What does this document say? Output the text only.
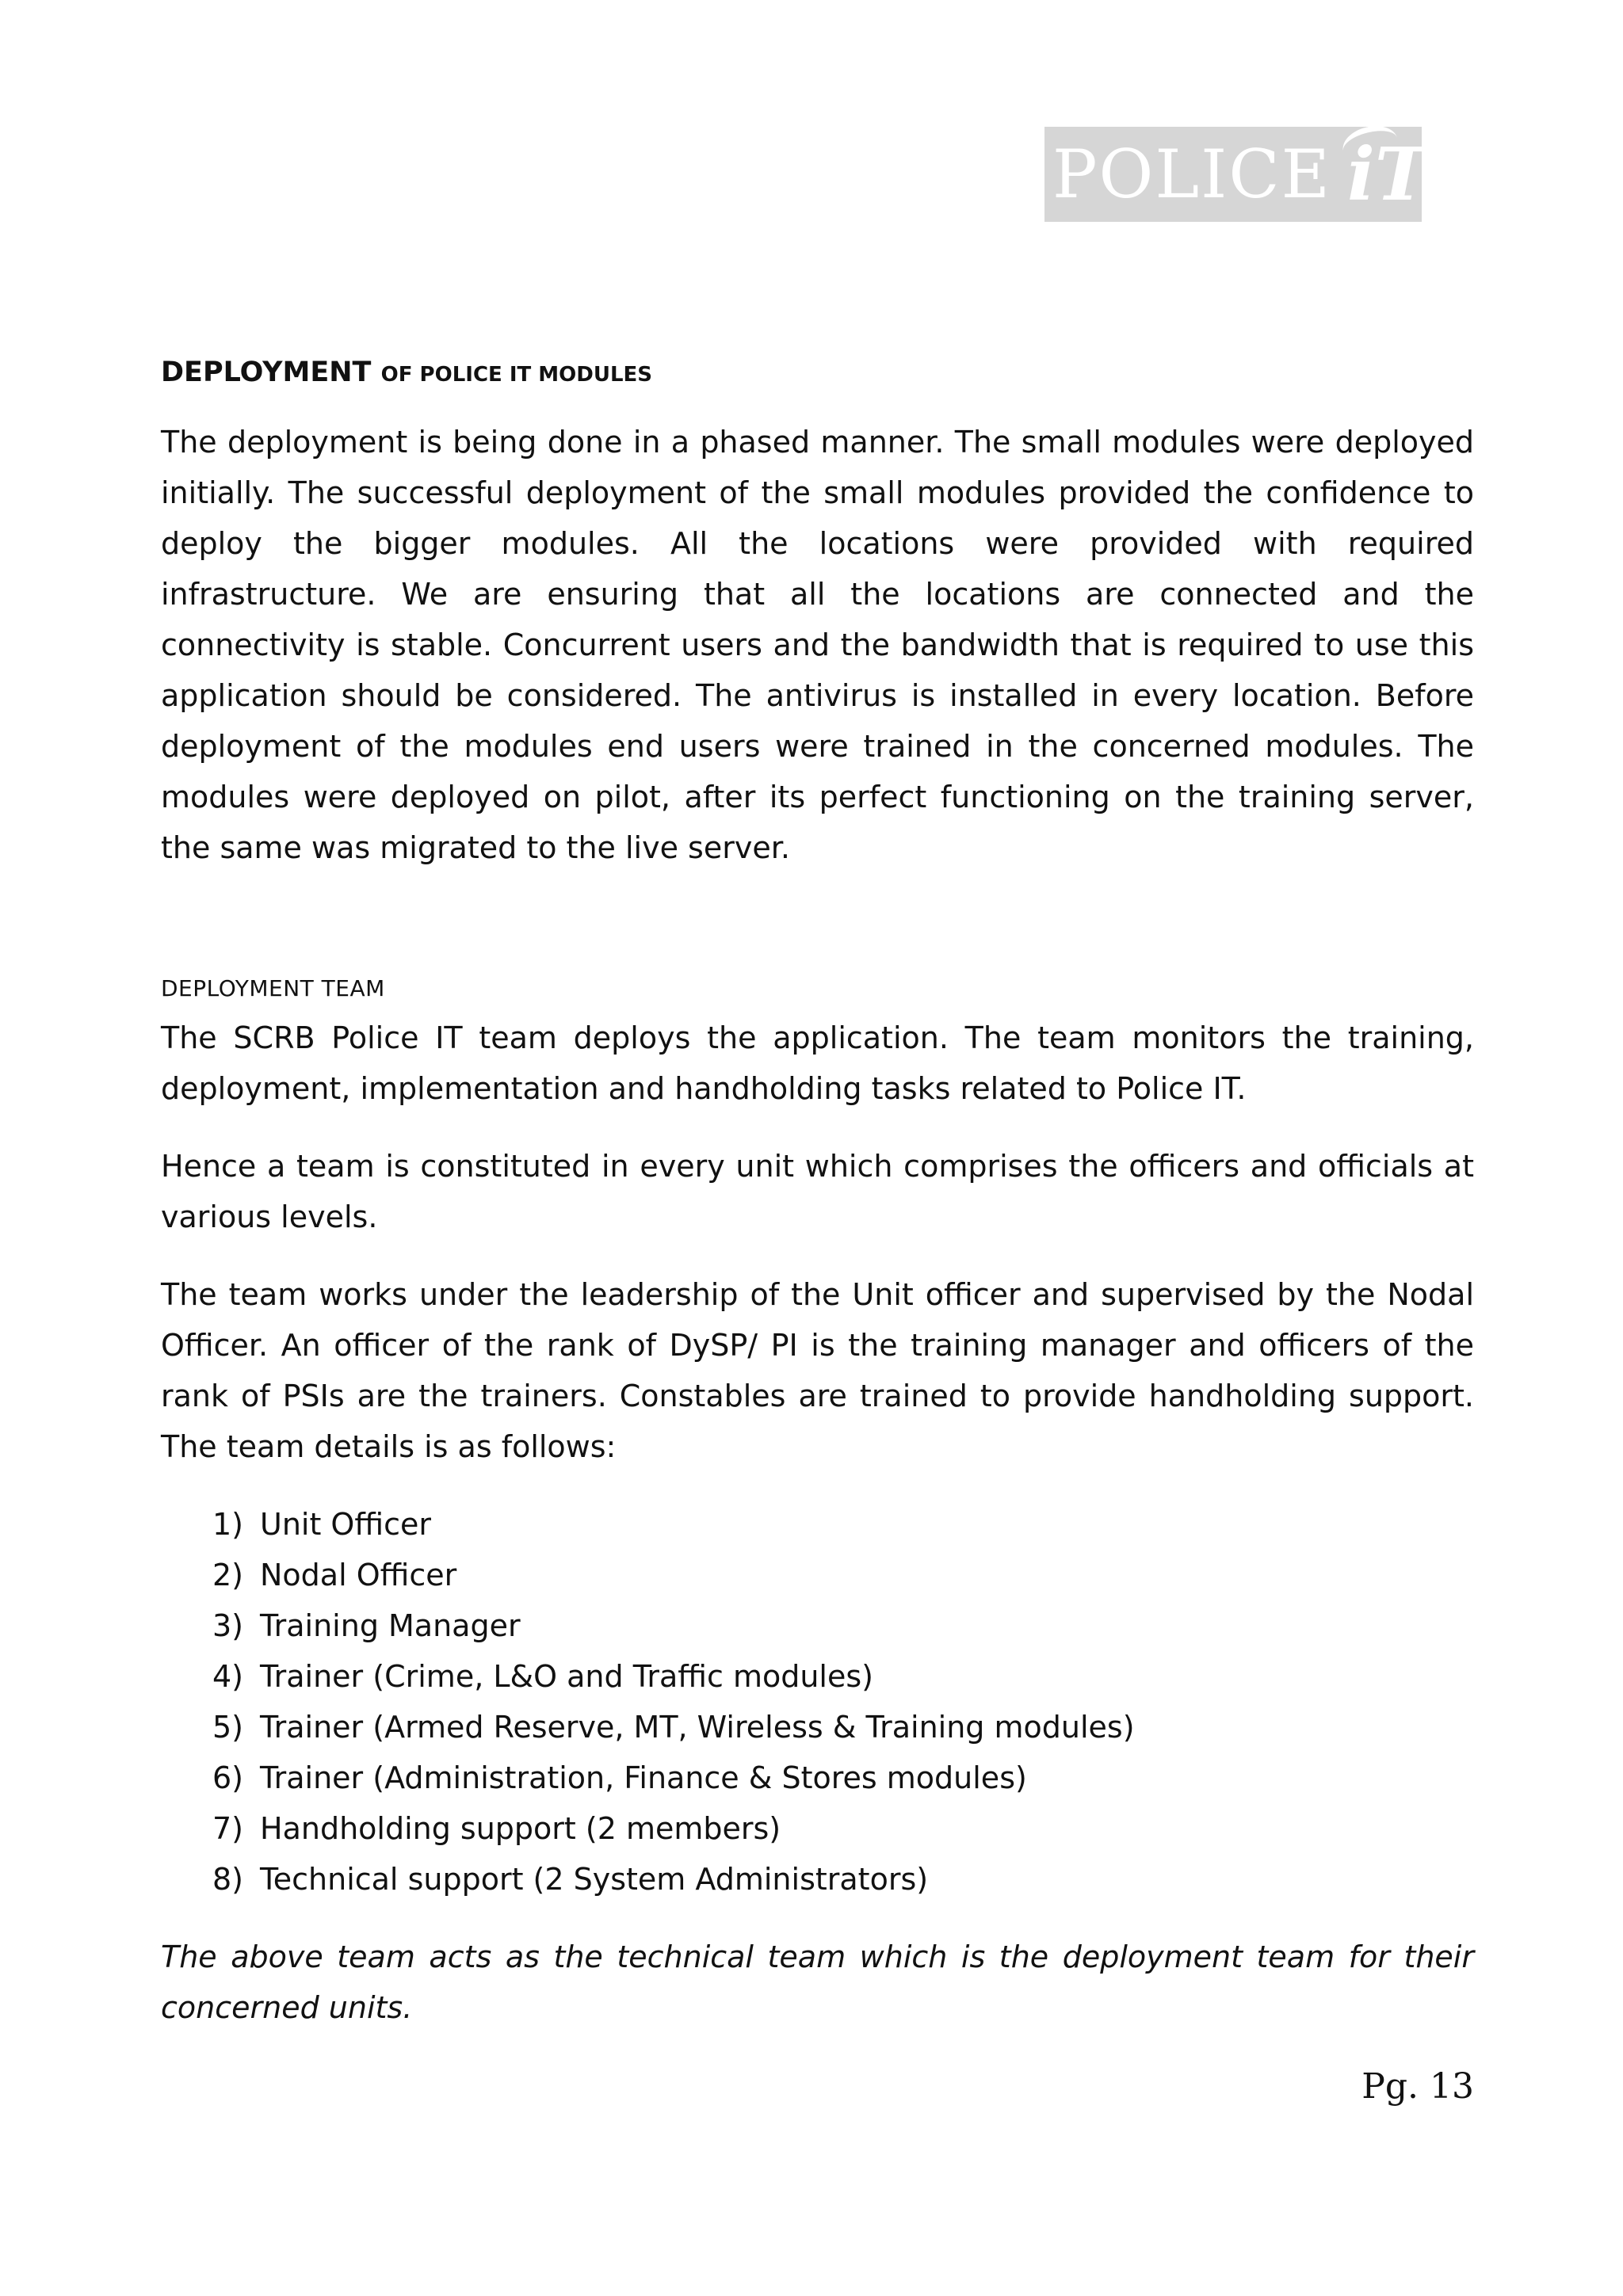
POLICE iT
DEPLOYMENT OF POLICE IT MODULES

The deployment is being done in a phased manner. The small modules were deployed initially. The successful deployment of the small modules provided the confidence to deploy the bigger modules. All the locations were provided with required infrastructure. We are ensuring that all the locations are connected and the connectivity is stable. Concurrent users and the bandwidth that is required to use this application should be considered. The antivirus is installed in every location. Before deployment of the modules end users were trained in the concerned modules. The modules were deployed on pilot, after its perfect functioning on the training server, the same was migrated to the live server.

DEPLOYMENT TEAM

The SCRB Police IT team deploys the application. The team monitors the training, deployment, implementation and handholding tasks related to Police IT.

Hence a team is constituted in every unit which comprises the officers and officials at various levels.

The team works under the leadership of the Unit officer and supervised by the Nodal Officer. An officer of the rank of DySP/ PI is the training manager and officers of the rank of PSIs are the trainers. Constables are trained to provide handholding support. The team details is as follows:

1) Unit Officer
2) Nodal Officer
3) Training Manager
4) Trainer (Crime, L&O and Traffic modules)
5) Trainer (Armed Reserve, MT, Wireless & Training modules)
6) Trainer (Administration, Finance & Stores modules)
7) Handholding support (2 members)
8) Technical support (2 System Administrators)

The above team acts as the technical team which is the deployment team for their concerned units.

Pg. 13
